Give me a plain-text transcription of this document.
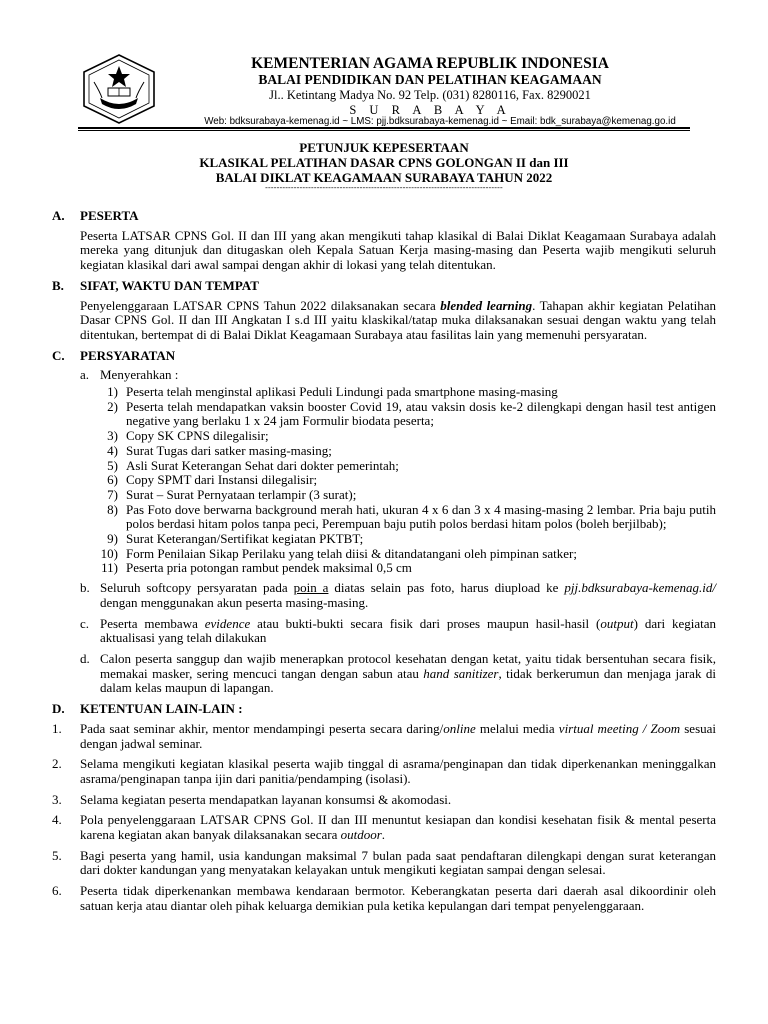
KEMENTERIAN AGAMA REPUBLIK INDONESIA
BALAI PENDIDIKAN DAN PELATIHAN KEAGAMAAN
Jl.. Ketintang Madya No. 92 Telp. (031) 8280116, Fax. 8290021
S U R A B A Y A
Web: bdksurabaya-kemenag.id ~ LMS: pjj.bdksurabaya-kemenag.id ~ Email: bdk_surabaya@kemenag.go.id
PETUNJUK KEPESERTAAN
KLASIKAL PELATIHAN DASAR CPNS GOLONGAN II dan III
BALAI DIKLAT KEAGAMAAN SURABAYA TAHUN 2022
-----------------------------------------------------------------------------------
A.	PESERTA
Peserta LATSAR CPNS Gol. II dan III yang akan mengikuti tahap klasikal di Balai Diklat Keagamaan Surabaya adalah mereka yang ditunjuk dan ditugaskan oleh Kepala Satuan Kerja masing-masing dan Peserta wajib mengikuti seluruh kegiatan klasikal dari awal sampai dengan akhir di lokasi yang telah ditentukan.
B.	SIFAT, WAKTU DAN TEMPAT
Penyelenggaraan LATSAR CPNS Tahun 2022 dilaksanakan secara blended learning. Tahapan akhir kegiatan Pelatihan Dasar CPNS Gol. II dan III Angkatan I s.d III yaitu klaskikal/tatap muka dilaksanakan sesuai dengan waktu yang telah ditentukan, bertempat di di Balai Diklat Keagamaan Surabaya atau fasilitas lain yang memenuhi persyaratan.
C.	PERSYARATAN
a. Menyerahkan :
1) Peserta telah menginstal aplikasi Peduli Lindungi pada smartphone masing-masing
2) Peserta telah mendapatkan vaksin booster Covid 19, atau vaksin dosis ke-2 dilengkapi dengan hasil test antigen negative yang berlaku 1 x 24 jam Formulir biodata peserta;
3) Copy SK CPNS dilegalisir;
4) Surat Tugas dari satker masing-masing;
5) Asli Surat Keterangan Sehat dari dokter pemerintah;
6) Copy SPMT dari Instansi dilegalisir;
7) Surat – Surat Pernyataan terlampir (3 surat);
8) Pas Foto dove berwarna background merah hati, ukuran 4 x 6 dan 3 x 4 masing-masing 2 lembar. Pria baju putih polos berdasi hitam polos tanpa peci, Perempuan baju putih polos berdasi hitam polos (boleh berjilbab);
9) Surat Keterangan/Sertifikat kegiatan PKTBT;
10) Form Penilaian Sikap Perilaku yang telah diisi & ditandatangani oleh pimpinan satker;
11) Peserta pria potongan rambut pendek maksimal 0,5 cm
b. Seluruh softcopy persyaratan pada poin a diatas selain pas foto, harus diupload ke pjj.bdksurabaya-kemenag.id/ dengan menggunakan akun peserta masing-masing.
c. Peserta membawa evidence atau bukti-bukti secara fisik dari proses maupun hasil-hasil (output) dari kegiatan aktualisasi yang telah dilakukan
d. Calon peserta sanggup dan wajib menerapkan protocol kesehatan dengan ketat, yaitu tidak bersentuhan secara fisik, memakai masker, sering mencuci tangan dengan sabun atau hand sanitizer, tidak berkerumun dan menjaga jarak di dalam kelas maupun di lapangan.
D.	KETENTUAN LAIN-LAIN :
1.	Pada saat seminar akhir, mentor mendampingi peserta secara daring/online melalui media virtual meeting / Zoom sesuai dengan jadwal seminar.
2.	Selama mengikuti kegiatan klasikal peserta wajib tinggal di asrama/penginapan dan tidak diperkenankan meninggalkan asrama/penginapan tanpa ijin dari panitia/pendamping (isolasi).
3.	Selama kegiatan peserta mendapatkan layanan konsumsi & akomodasi.
4.	Pola penyelenggaraan LATSAR CPNS Gol. II dan III menuntut kesiapan dan kondisi kesehatan fisik & mental peserta karena kegiatan akan banyak dilaksanakan secara outdoor.
5.	Bagi peserta yang hamil, usia kandungan maksimal 7 bulan pada saat pendaftaran dilengkapi dengan surat keterangan dari dokter kandungan yang menyatakan kelayakan untuk mengikuti kegiatan sampai dengan selesai.
6.	Peserta tidak diperkenankan membawa kendaraan bermotor. Keberangkatan peserta dari daerah asal dikoordinir oleh satuan kerja atau diantar oleh pihak keluarga demikian pula ketika kepulangan dari tempat penyelenggaraan.
